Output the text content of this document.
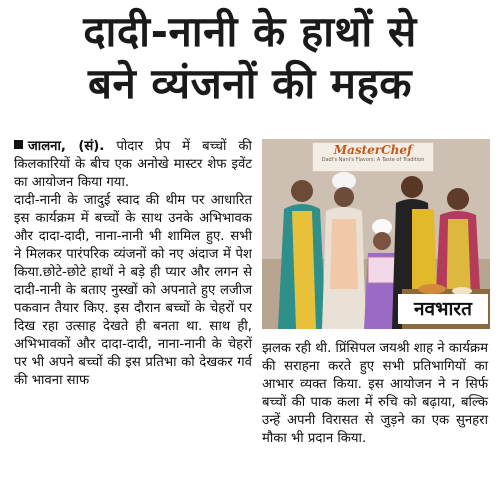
दादी-नानी के हाथों से
बने व्यंजनों की महक

जालना, (सं). पोदार प्रेप में बच्चों की किलकारियों के बीच एक अनोखे मास्टर शेफ इवेंट का आयोजन किया गया.

दादी-नानी के जादुई स्वाद की थीम पर आधारित इस कार्यक्रम में बच्चों के साथ उनके अभिभावक और दादा-दादी, नाना-नानी भी शामिल हुए. सभी ने मिलकर पारंपरिक व्यंजनों को नए अंदाज में पेश किया.छोटे-छोटे हाथों ने बड़े ही प्यार और लगन से दादी-नानी के बताए नुस्खों को अपनाते हुए लजीज पकवान तैयार किए. इस दौरान बच्चों के चेहरों पर दिख रहा उत्साह देखते ही बनता था. साथ ही, अभिभावकों और दादा-दादी, नाना-नानी के चेहरों पर भी अपने बच्चों की इस प्रतिभा को देखकर गर्व की भावना साफ

MasterChef
Dadi's Nani's Flavors: A Taste of Tradition
नवभारत

झलक रही थी. प्रिंसिपल जयश्री शाह ने कार्यक्रम की सराहना करते हुए सभी प्रतिभागियों का आभार व्यक्त किया. इस आयोजन ने न सिर्फ बच्चों की पाक कला में रुचि को बढ़ाया, बल्कि उन्हें अपनी विरासत से जुड़ने का एक सुनहरा मौका भी प्रदान किया.
